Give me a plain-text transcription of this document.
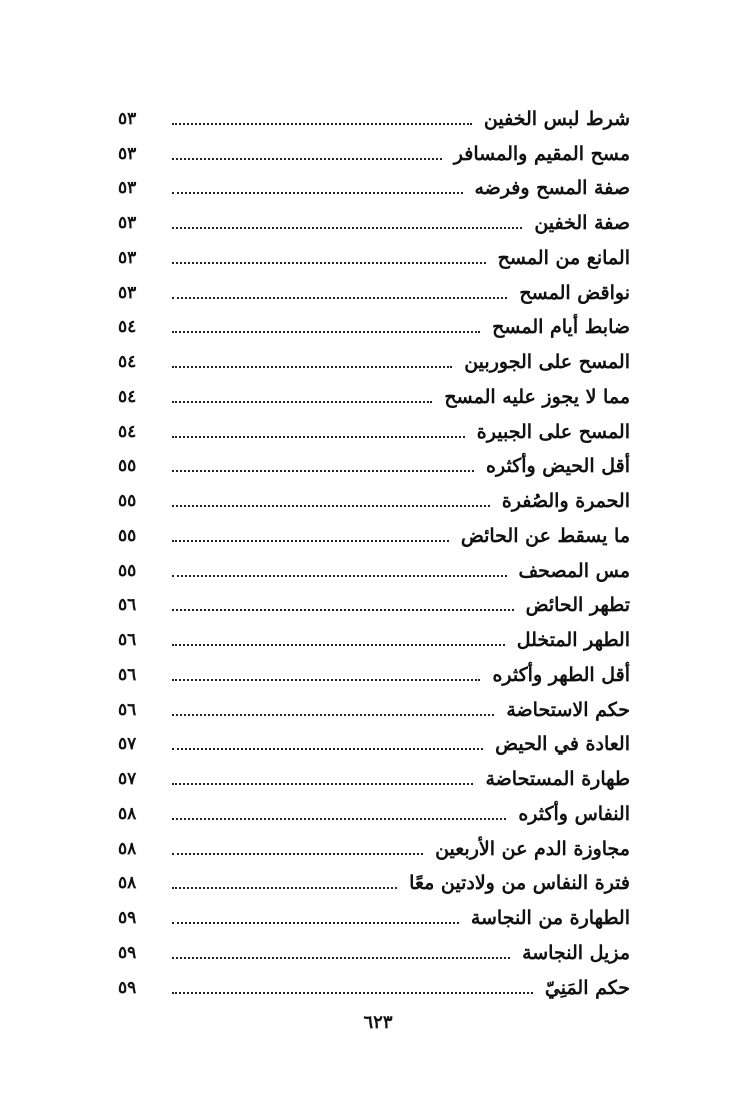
شرط لبس الخفين
٥٣
مسح المقيم والمسافر
٥٣
صفة المسح وفرضه
٥٣
صفة الخفين
٥٣
المانع من المسح
٥٣
نواقض المسح
٥٣
ضابط أيام المسح
٥٤
المسح على الجوربين
٥٤
مما لا يجوز عليه المسح
٥٤
المسح على الجبيرة
٥٤
أقل الحيض وأكثره
٥٥
الحمرة والصُفرة
٥٥
ما يسقط عن الحائض
٥٥
مس المصحف
٥٥
تطهر الحائض
٥٦
الطهر المتخلل
٥٦
أقل الطهر وأكثره
٥٦
حكم الاستحاضة
٥٦
العادة في الحيض
٥٧
طهارة المستحاضة
٥٧
النفاس وأكثره
٥٨
مجاوزة الدم عن الأربعين
٥٨
فترة النفاس من ولادتين معًا
٥٨
الطهارة من النجاسة
٥٩
مزيل النجاسة
٥٩
حكم المَنِيّ
٥٩
٦٢٣
